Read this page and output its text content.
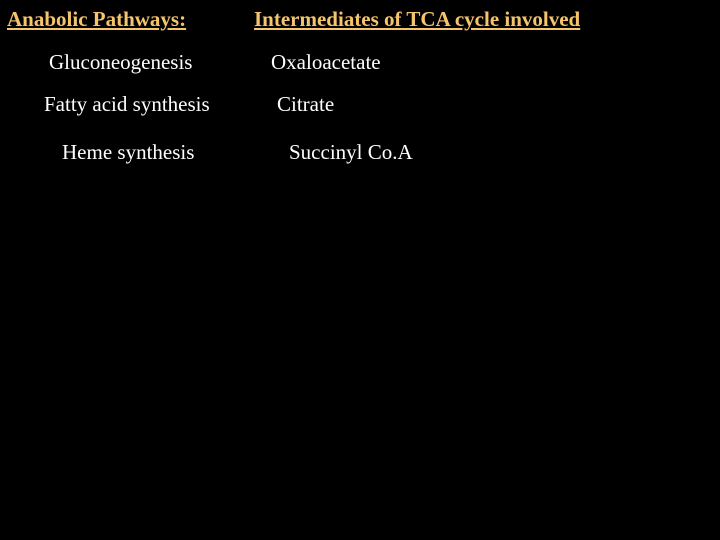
Anabolic Pathways:	Intermediates of TCA cycle involved
Gluconeogenesis	Oxaloacetate
Fatty acid synthesis	Citrate
Heme synthesis	Succinyl Co.A
